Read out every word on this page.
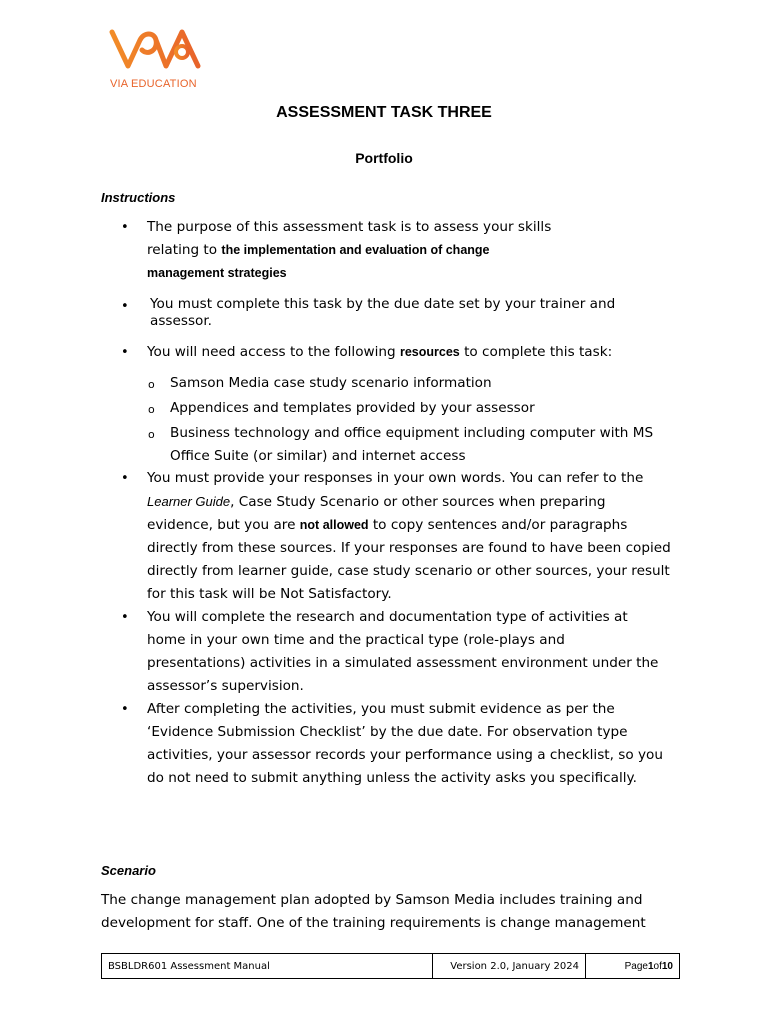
VIA EDUCATION
ASSESSMENT TASK THREE
Portfolio
Instructions
• The purpose of this assessment task is to assess your skills
relating to the implementation and evaluation of change
management strategies
• You must complete this task by the due date set by your trainer and assessor.
• You will need access to the following resources to complete this task:
o Samson Media case study scenario information
o Appendices and templates provided by your assessor
o Business technology and office equipment including computer with MS Office Suite (or similar) and internet access
• You must provide your responses in your own words. You can refer to the
Learner Guide, Case Study Scenario or other sources when preparing
evidence, but you are not allowed to copy sentences and/or paragraphs
directly from these sources. If your responses are found to have been copied directly from learner guide, case study scenario or other sources, your result for this task will be Not Satisfactory.
• You will complete the research and documentation type of activities at home in your own time and the practical type (role-plays and presentations) activities in a simulated assessment environment under the assessor’s supervision.
• After completing the activities, you must submit evidence as per the ‘Evidence Submission Checklist’ by the due date. For observation type activities, your assessor records your performance using a checklist, so you do not need to submit anything unless the activity asks you specifically.
Scenario
The change management plan adopted by Samson Media includes training and development for staff. One of the training requirements is change management
BSBLDR601 Assessment Manual	Version 2.0, January 2024	Page 1 of 10
